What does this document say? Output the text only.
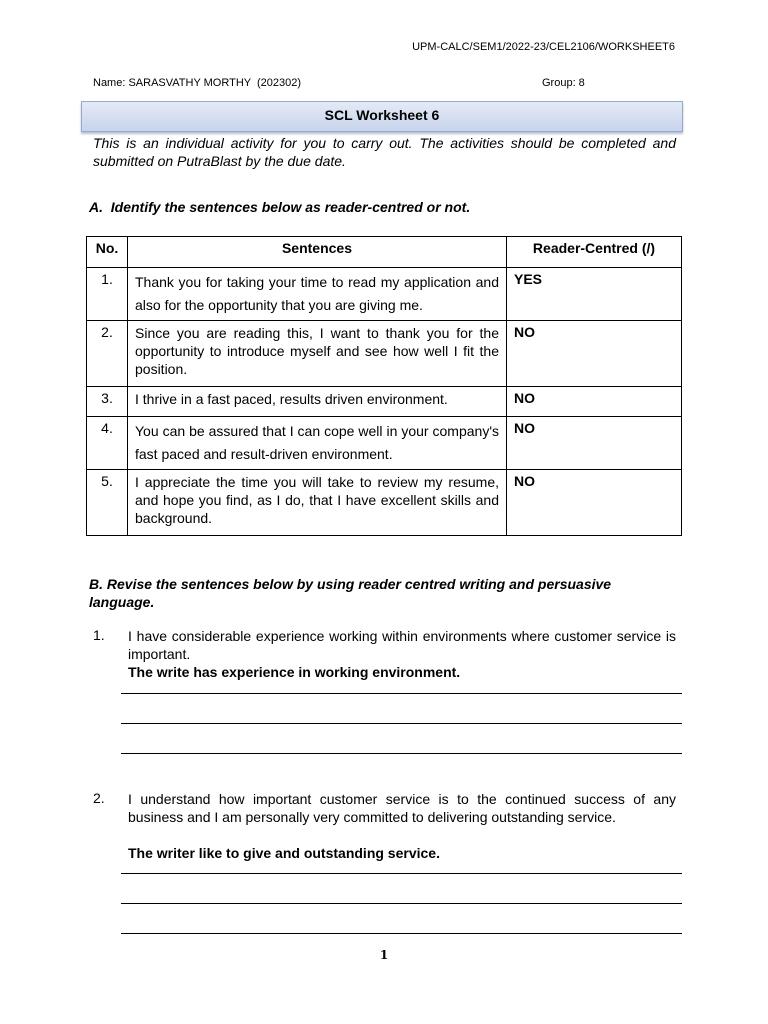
UPM-CALC/SEM1/2022-23/CEL2106/WORKSHEET6
Name: SARASVATHY MORTHY  (202302)	Group: 8
SCL Worksheet 6
This is an individual activity for you to carry out. The activities should be completed and submitted on PutraBlast by the due date.
A.  Identify the sentences below as reader-centred or not.
No.	Sentences	Reader-Centred (/)
1.	Thank you for taking your time to read my application and also for the opportunity that you are giving me.	YES
2.	Since you are reading this, I want to thank you for the opportunity to introduce myself and see how well I fit the position.	NO
3.	I thrive in a fast paced, results driven environment.	NO
4.	You can be assured that I can cope well in your company's fast paced and result-driven environment.	NO
5.	I appreciate the time you will take to review my resume, and hope you find, as I do, that I have excellent skills and background.	NO
B. Revise the sentences below by using reader centred writing and persuasive language.
1. I have considerable experience working within environments where customer service is important.
The write has experience in working environment.
2. I understand how important customer service is to the continued success of any business and I am personally very committed to delivering outstanding service.
The writer like to give and outstanding service.
1
